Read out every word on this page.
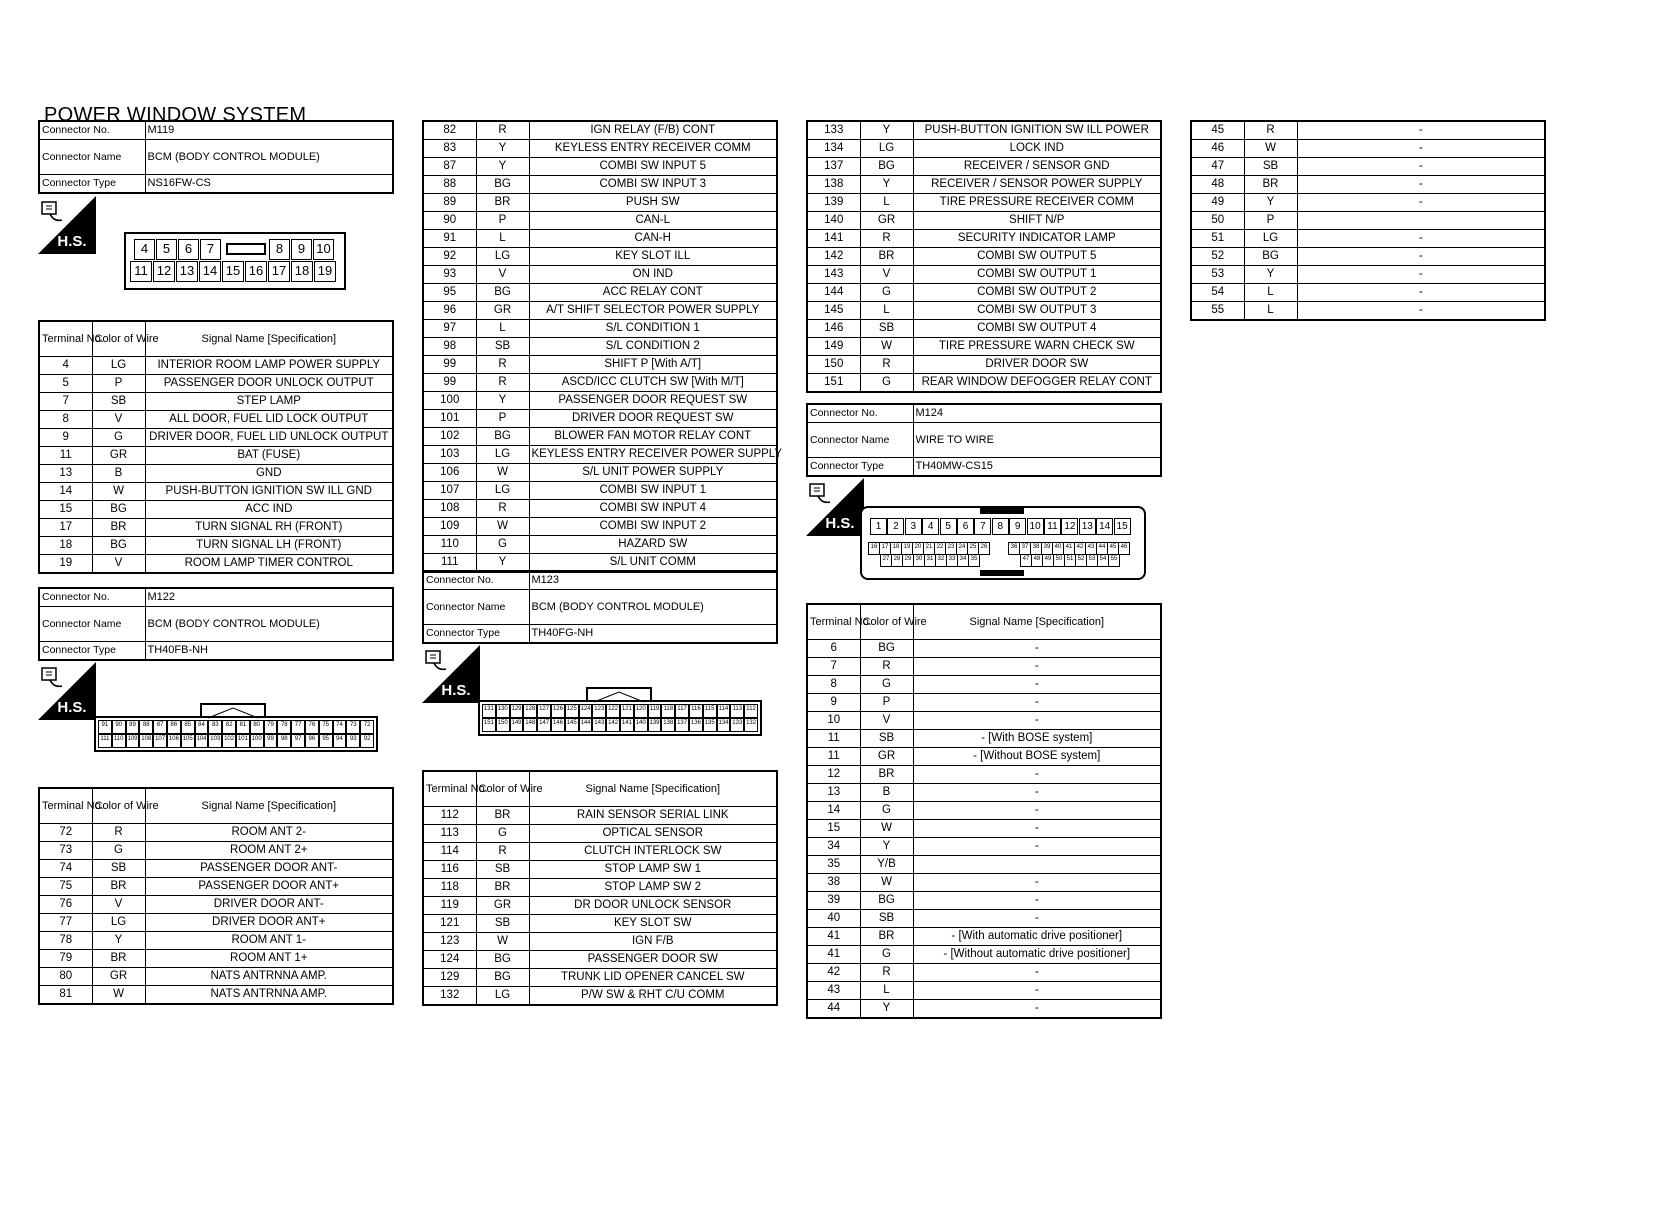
POWER WINDOW SYSTEM
Connector No.	M119
Connector Name	BCM (BODY CONTROL MODULE)
Connector Type	NS16FW-CS
H.S.	4	5	6	7	8	9 10
11 12 13 14 15 16 17 18 19
Terminal No.	Color of Wire	Signal Name [Specification]
4	LG	INTERIOR ROOM LAMP POWER SUPPLY
5	P	PASSENGER DOOR UNLOCK OUTPUT
7	SB	STEP LAMP
8	V	ALL DOOR, FUEL LID LOCK OUTPUT
9	G	DRIVER DOOR, FUEL LID UNLOCK OUTPUT
11	GR	BAT (FUSE)
13	B	GND
14	W	PUSH-BUTTON IGNITION SW ILL GND
15	BG	ACC IND
17	BR	TURN SIGNAL RH (FRONT)
18	BG	TURN SIGNAL LH (FRONT)
19	V	ROOM LAMP TIMER CONTROL
Connector No.	M122
Connector Name	BCM (BODY CONTROL MODULE)
Connector Type	TH40FB-NH
H.S.
91	90	89	88	87	86	85	84	83	82	81	80	79	78	77	76	75	74	73	72
111 110 109 108 107 106 105 104 103 102 101 100 99	98	97	96	95	94	93	92
Terminal No.	Color of Wire	Signal Name [Specification]
72	R	ROOM ANT 2-
73	G	ROOM ANT 2+
74	SB	PASSENGER DOOR ANT-
75	BR	PASSENGER DOOR ANT+
76	V	DRIVER DOOR ANT-
77	LG	DRIVER DOOR ANT+
78	Y	ROOM ANT 1-
79	BR	ROOM ANT 1+
80	GR	NATS ANTRNNA AMP.
81	W	NATS ANTRNNA AMP.
82	R	IGN RELAY (F/B) CONT
83	Y	KEYLESS ENTRY RECEIVER COMM
87	Y	COMBI SW INPUT 5
88	BG	COMBI SW INPUT 3
89	BR	PUSH SW
90	P	CAN-L
91	L	CAN-H
92	LG	KEY SLOT ILL
93	V	ON IND
95	BG	ACC RELAY CONT
96	GR	A/T SHIFT SELECTOR POWER SUPPLY
97	L	S/L CONDITION 1
98	SB	S/L CONDITION 2
99	R	SHIFT P [With A/T]
99	R	ASCD/ICC CLUTCH SW [With M/T]
100	Y	PASSENGER DOOR REQUEST SW
101	P	DRIVER DOOR REQUEST SW
102	BG	BLOWER FAN MOTOR RELAY CONT
103	LG	KEYLESS ENTRY RECEIVER POWER SUPPLY
106	W	S/L UNIT POWER SUPPLY
107	LG	COMBI SW INPUT 1
108	R	COMBI SW INPUT 4
109	W	COMBI SW INPUT 2
110	G	HAZARD SW
111	Y	S/L UNIT COMM
Connector No.	M123
Connector Name	BCM (BODY CONTROL MODULE)
Connector Type	TH40FG-NH
H.S.
131 130 129 128 127 126 125 124 123 122 121 120 119 118 117 116 115 114 113 112
151 150 149 148 147 146 145 144 143 142 141 140 139 138 137 136 135 134 133 132
Terminal No.	Color of Wire	Signal Name [Specification]
112	BR	RAIN SENSOR SERIAL LINK
113	G	OPTICAL SENSOR
114	R	CLUTCH INTERLOCK SW
116	SB	STOP LAMP SW 1
118	BR	STOP LAMP SW 2
119	GR	DR DOOR UNLOCK SENSOR
121	SB	KEY SLOT SW
123	W	IGN F/B
124	BG	PASSENGER DOOR SW
129	BG	TRUNK LID OPENER CANCEL SW
132	LG	P/W SW & RHT C/U COMM
133	Y	PUSH-BUTTON IGNITION SW ILL POWER
134	LG	LOCK IND
137	BG	RECEIVER / SENSOR GND
138	Y	RECEIVER / SENSOR POWER SUPPLY
139	L	TIRE PRESSURE RECEIVER COMM
140	GR	SHIFT N/P
141	R	SECURITY INDICATOR LAMP
142	BR	COMBI SW OUTPUT 5
143	V	COMBI SW OUTPUT 1
144	G	COMBI SW OUTPUT 2
145	L	COMBI SW OUTPUT 3
146	SB	COMBI SW OUTPUT 4
149	W	TIRE PRESSURE WARN CHECK SW
150	R	DRIVER DOOR SW
151	G	REAR WINDOW DEFOGGER RELAY CONT
Connector No.	M124
Connector Name	WIRE TO WIRE
Connector Type	TH40MW-CS15
H.S.	1	2	3	4	5	6	7	8	9 10 11 12 13 14 15
16 17 18 19 20 21 22 23 24 25 26	36 37 38 39 40 41 42 43 44 45 46
27 28 29 30 31 32 33 34 35	47 48 49 50 51 52 53 54 55
Terminal No.	Color of Wire	Signal Name [Specification]
6	BG	-
7	R	-
8	G	-
9	P	-
10	V	-
11	SB	- [With BOSE system]
11	GR	- [Without BOSE system]
12	BR	-
13	B	-
14	G	-
15	W	-
34	Y	-
35	Y/B	
38	W	-
39	BG	-
40	SB	-
41	BR	- [With automatic drive positioner]
41	G	- [Without automatic drive positioner]
42	R	-
43	L	-
44	Y	-
45	R	-
46	W	-
47	SB	-
48	BR	-
49	Y	-
50	P	
51	LG	-
52	BG	-
53	Y	-
54	L	-
55	L	-
